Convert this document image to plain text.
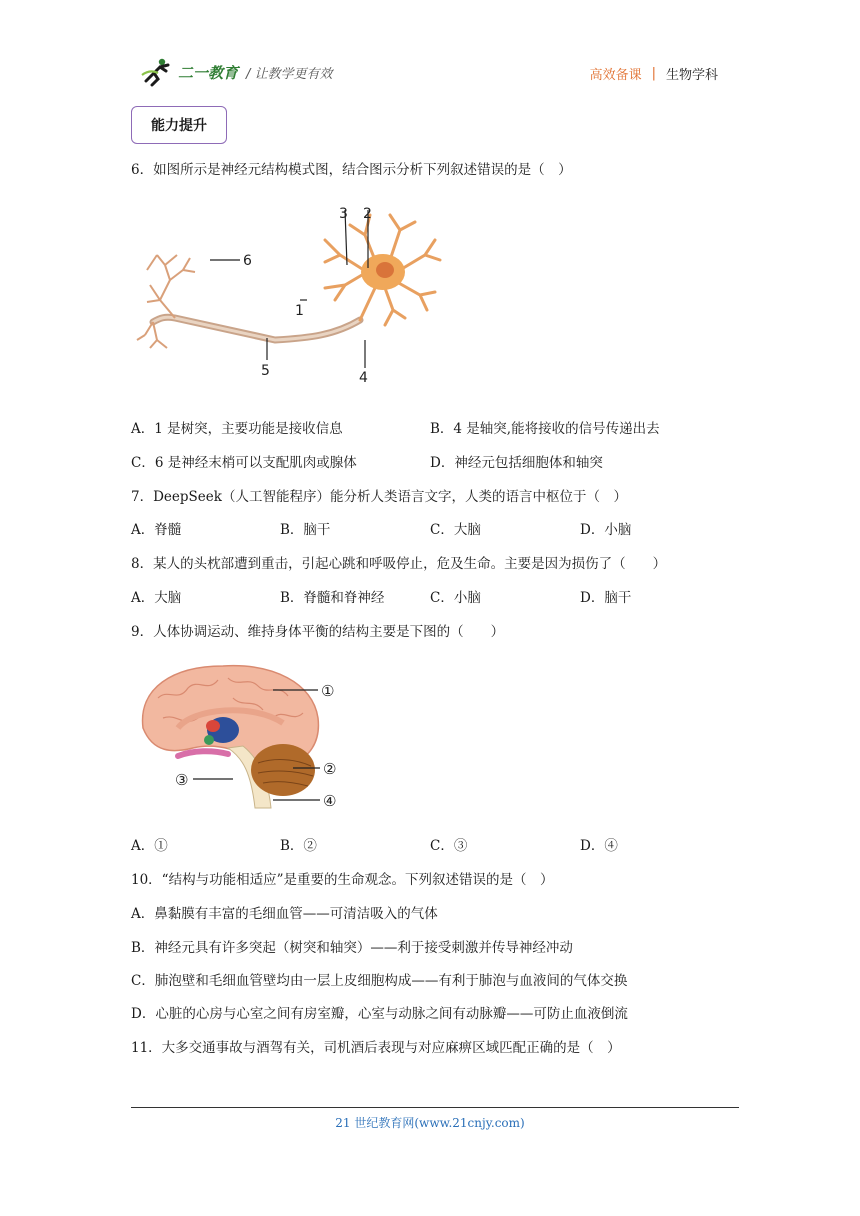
二一教育 / 让教学更有效	高效备课 | 生物学科
能力提升
6．如图所示是神经元结构模式图，结合图示分析下列叙述错误的是（　）
3 2
6
1
5	4
A．1 是树突，主要功能是接收信息	B．4 是轴突,能将接收的信号传递出去
C．6 是神经末梢可以支配肌肉或腺体	D．神经元包括细胞体和轴突
7．DeepSeek（人工智能程序）能分析人类语言文字，人类的语言中枢位于（　）
A．脊髓	B．脑干	C．大脑	D．小脑
8．某人的头枕部遭到重击，引起心跳和呼吸停止，危及生命。主要是因为损伤了（　　）
A．大脑	B．脊髓和脊神经	C．小脑	D．脑干
9．人体协调运动、维持身体平衡的结构主要是下图的（　　）
①
②
③
④
A．①	B．②	C．③	D．④
10．“结构与功能相适应”是重要的生命观念。下列叙述错误的是（　）
A．鼻黏膜有丰富的毛细血管——可清洁吸入的气体
B．神经元具有许多突起（树突和轴突）——利于接受刺激并传导神经冲动
C．肺泡壁和毛细血管壁均由一层上皮细胞构成——有利于肺泡与血液间的气体交换
D．心脏的心房与心室之间有房室瓣，心室与动脉之间有动脉瓣——可防止血液倒流
11．大多交通事故与酒驾有关，司机酒后表现与对应麻痹区域匹配正确的是（　）
21 世纪教育网(www.21cnjy.com)
